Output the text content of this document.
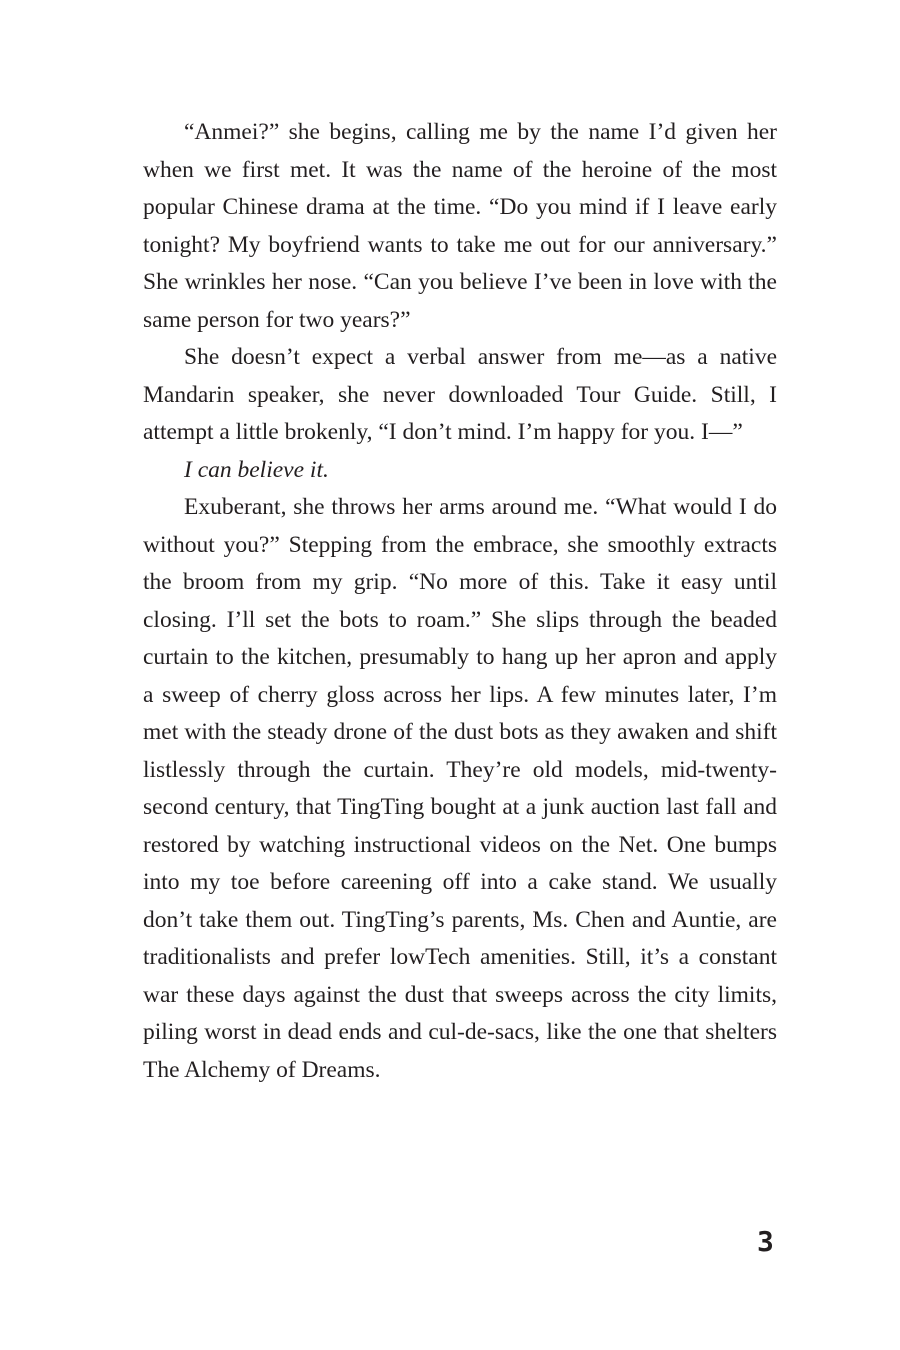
“Anmei?” she begins, calling me by the name I’d given her when we first met. It was the name of the heroine of the most popular Chinese drama at the time. “Do you mind if I leave early tonight? My boyfriend wants to take me out for our anniversary.” She wrinkles her nose. “Can you believe I’ve been in love with the same person for two years?”

She doesn’t expect a verbal answer from me—as a native Mandarin speaker, she never downloaded Tour Guide. Still, I attempt a little brokenly, “I don’t mind. I’m happy for you. I—”

I can believe it.

Exuberant, she throws her arms around me. “What would I do without you?” Stepping from the embrace, she smoothly extracts the broom from my grip. “No more of this. Take it easy until closing. I’ll set the bots to roam.” She slips through the beaded curtain to the kitchen, presumably to hang up her apron and apply a sweep of cherry gloss across her lips. A few minutes later, I’m met with the steady drone of the dust bots as they awaken and shift listlessly through the curtain. They’re old models, mid-twenty-second century, that TingTing bought at a junk auction last fall and restored by watching instructional videos on the Net. One bumps into my toe before careening off into a cake stand. We usually don’t take them out. TingTing’s parents, Ms. Chen and Auntie, are traditionalists and prefer lowTech amenities. Still, it’s a constant war these days against the dust that sweeps across the city limits, piling worst in dead ends and cul-de-sacs, like the one that shelters The Alchemy of Dreams.

3
